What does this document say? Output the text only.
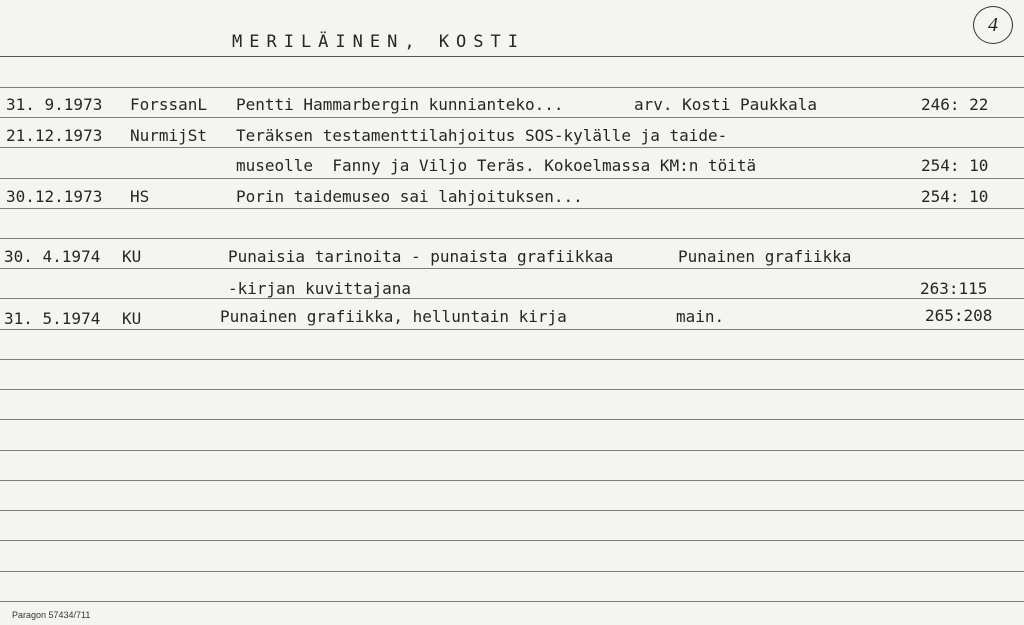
MERILÄINEN, KOSTI
4
31. 9.1973 ForssanL Pentti Hammarbergin kunnianteko...	arv. Kosti Paukkala	246: 22
21.12.1973 NurmijSt Teräksen testamenttilahjoitus SOS-kylälle ja taide-
museolle  Fanny ja Viljo Teräs. Kokoelmassa KM:n töitä	254: 10
30.12.1973 HS	Porin taidemuseo sai lahjoituksen...	254: 10
30. 4.1974 KU	Punaisia tarinoita - punaista grafiikkaa	Punainen grafiikka
-kirjan kuvittajana	263:115
31. 5.1974 KU	Punainen grafiikka, helluntain kirja	main.	265:208
Paragon 57434/711
